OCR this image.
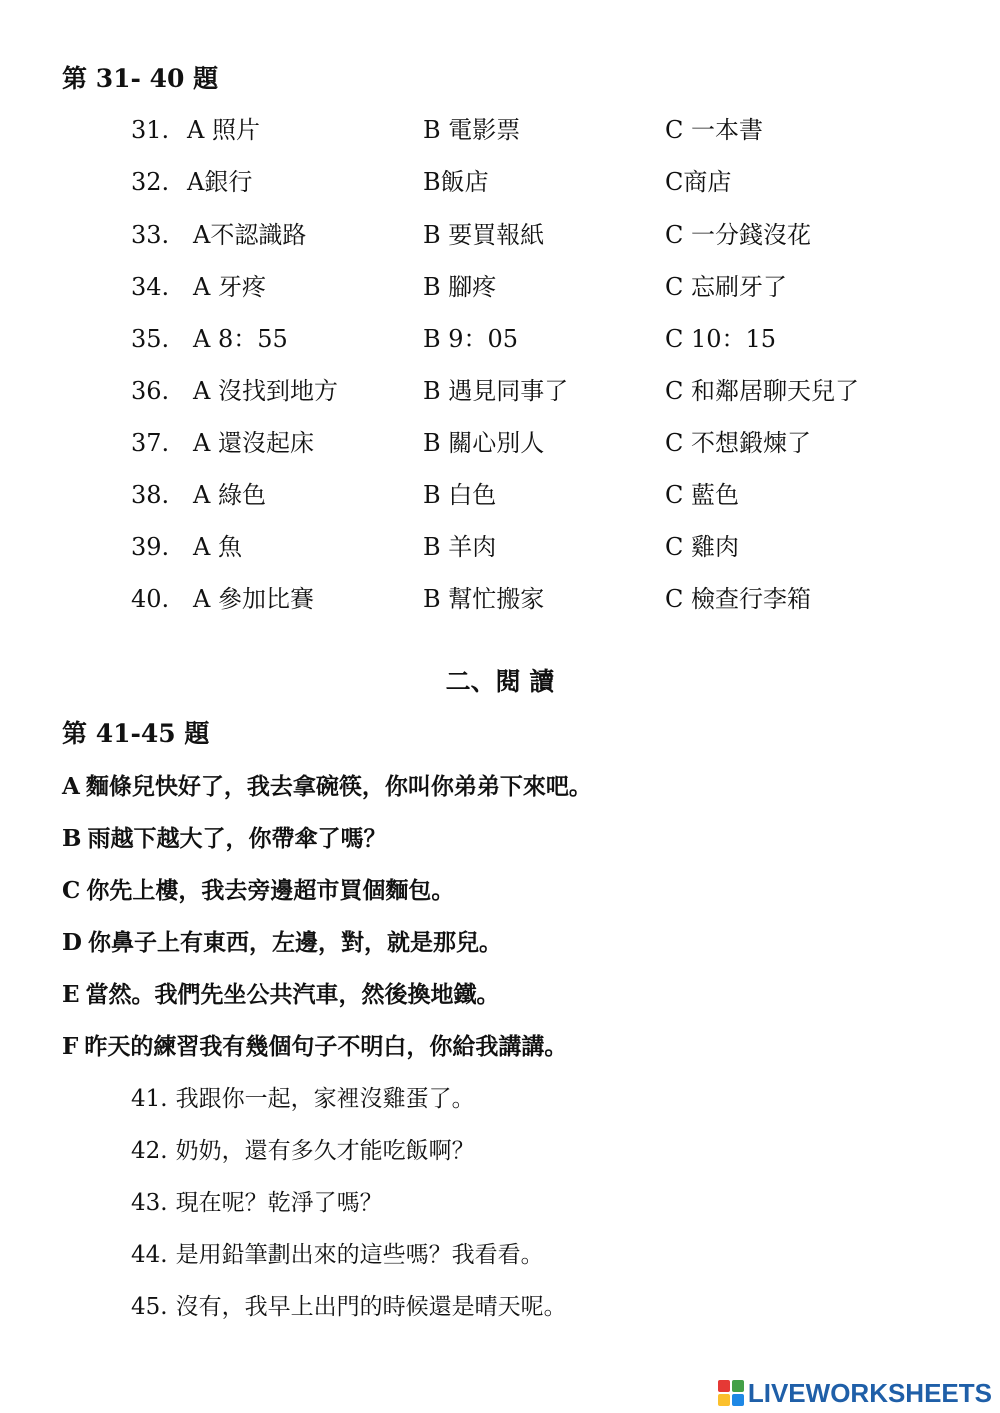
第 31- 40 題
31. A 照片	B 電影票	C 一本書
32. A銀行	B飯店	C商店
33. A不認識路	B 要買報紙	C 一分錢沒花
34. A 牙疼	B 腳疼	C 忘刷牙了
35. A 8：55	B 9：05	C 10：15
36. A 沒找到地方	B 遇見同事了	C 和鄰居聊天兒了
37. A 還沒起床	B 關心別人	C 不想鍛煉了
38. A 綠色	B 白色	C 藍色
39. A 魚	B 羊肉	C 雞肉
40. A 參加比賽	B 幫忙搬家	C 檢查行李箱
二、閱 讀
第 41-45 題
A 麵條兒快好了，我去拿碗筷，你叫你弟弟下來吧。
B 雨越下越大了，你帶傘了嗎？
C 你先上樓，我去旁邊超市買個麵包。
D 你鼻子上有東西，左邊，對，就是那兒。
E 當然。我們先坐公共汽車，然後換地鐵。
F 昨天的練習我有幾個句子不明白，你給我講講。
41. 我跟你一起，家裡沒雞蛋了。
42. 奶奶，還有多久才能吃飯啊？
43. 現在呢？乾淨了嗎？
44. 是用鉛筆劃出來的這些嗎？我看看。
45. 沒有，我早上出門的時候還是晴天呢。
LIVEWORKSHEETS
